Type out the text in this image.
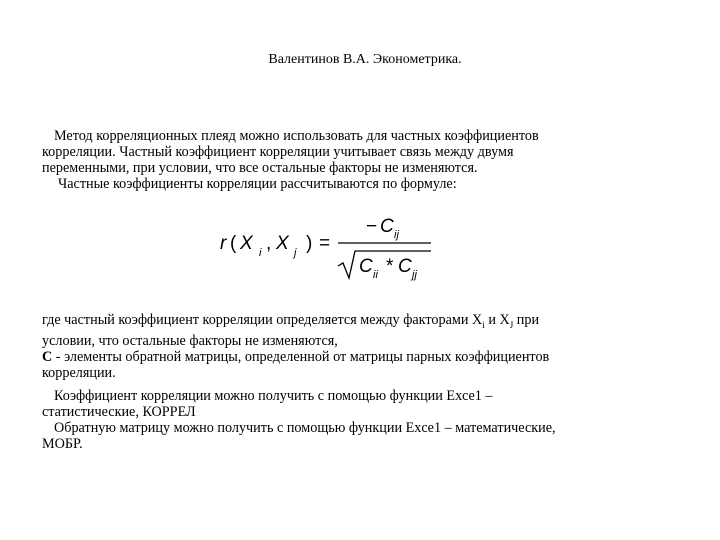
Валентинов В.А. Эконометрика.

Метод корреляционных плеяд можно использовать для частных коэффициентов

корреляции. Частный коэффициент корреляции учитывает связь между двумя

переменными, при условии, что все остальные факторы не изменяются.

Частные коэффициенты корреляции рассчитываются по формуле:

r ( X i , X j ) =
− C ij
C ii * C jj

где частный коэффициент корреляции определяется между факторами $X_i$ и $X_J$ при

условии, что остальные факторы не изменяются,

С - элементы обратной матрицы, определенной от матрицы парных коэффициентов

корреляции.

Коэффициент корреляции можно получить с помощью функции Exce1 –

статистические, КОРРЕЛ

Обратную матрицу можно получить с помощью функции Exce1 – математические,

МОБР.
